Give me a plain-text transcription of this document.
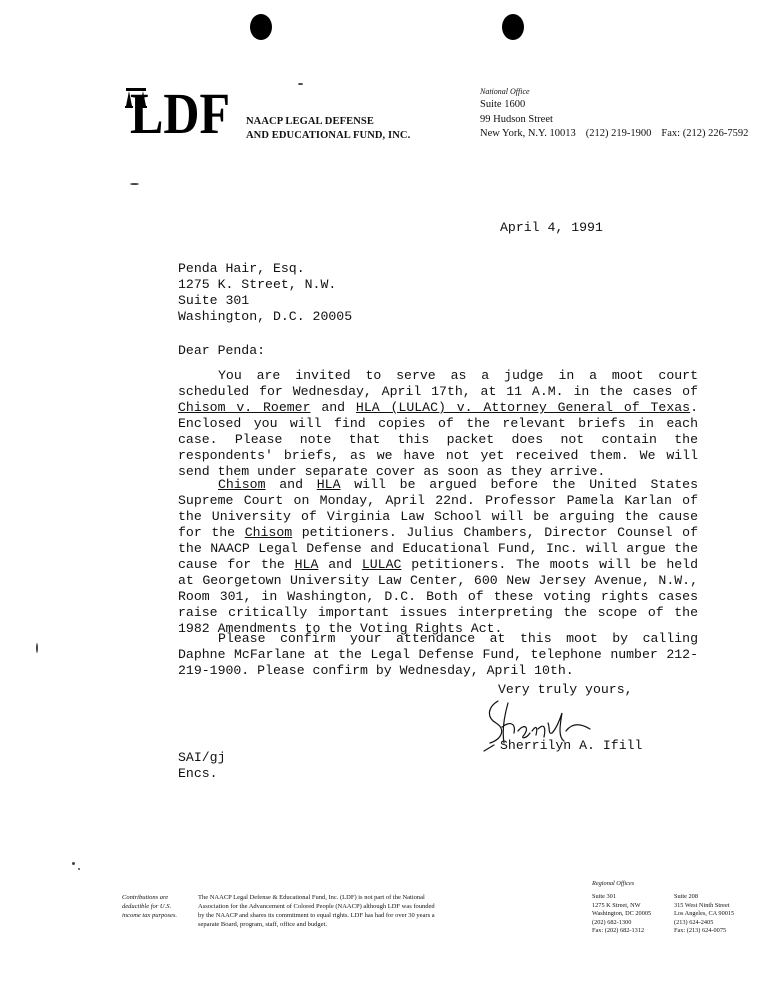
LDF NAACP LEGAL DEFENSE
AND EDUCATIONAL FUND, INC.
National Office
Suite 1600
99 Hudson Street
New York, N.Y. 10013 (212) 219-1900 Fax: (212) 226-7592
April 4, 1991
Penda Hair, Esq.
1275 K. Street, N.W.
Suite 301
Washington, D.C. 20005
Dear Penda:

You are invited to serve as a judge in a moot court scheduled for Wednesday, April 17th, at 11 A.M. in the cases of Chisom v. Roemer and HLA (LULAC) v. Attorney General of Texas. Enclosed you will find copies of the relevant briefs in each case. Please note that this packet does not contain the respondents' briefs, as we have not yet received them. We will send them under separate cover as soon as they arrive.

Chisom and HLA will be argued before the United States Supreme Court on Monday, April 22nd. Professor Pamela Karlan of the University of Virginia Law School will be arguing the cause for the Chisom petitioners. Julius Chambers, Director Counsel of the NAACP Legal Defense and Educational Fund, Inc. will argue the cause for the HLA and LULAC petitioners. The moots will be held at Georgetown University Law Center, 600 New Jersey Avenue, N.W., Room 301, in Washington, D.C. Both of these voting rights cases raise critically important issues interpreting the scope of the 1982 Amendments to the Voting Rights Act.

Please confirm your attendance at this moot by calling Daphne McFarlane at the Legal Defense Fund, telephone number 212-219-1900. Please confirm by Wednesday, April 10th.

Very truly yours,
Sherrilyn A. Ifill
SAI/gj
Encs.
Contributions are deductible for U.S. income tax purposes.
The NAACP Legal Defense & Educational Fund, Inc. (LDF) is not part of the National Association for the Advancement of Colored People (NAACP) although LDF was founded by the NAACP and shares its commitment to equal rights. LDF has had for over 30 years a separate Board, program, staff, office and budget.
Regional Offices
Suite 301
1275 K Street, NW
Washington, DC 20005
(202) 682-1300
Fax: (202) 682-1312
Suite 208
315 West Ninth Street
Los Angeles, CA 90015
(213) 624-2405
Fax: (213) 624-0075
